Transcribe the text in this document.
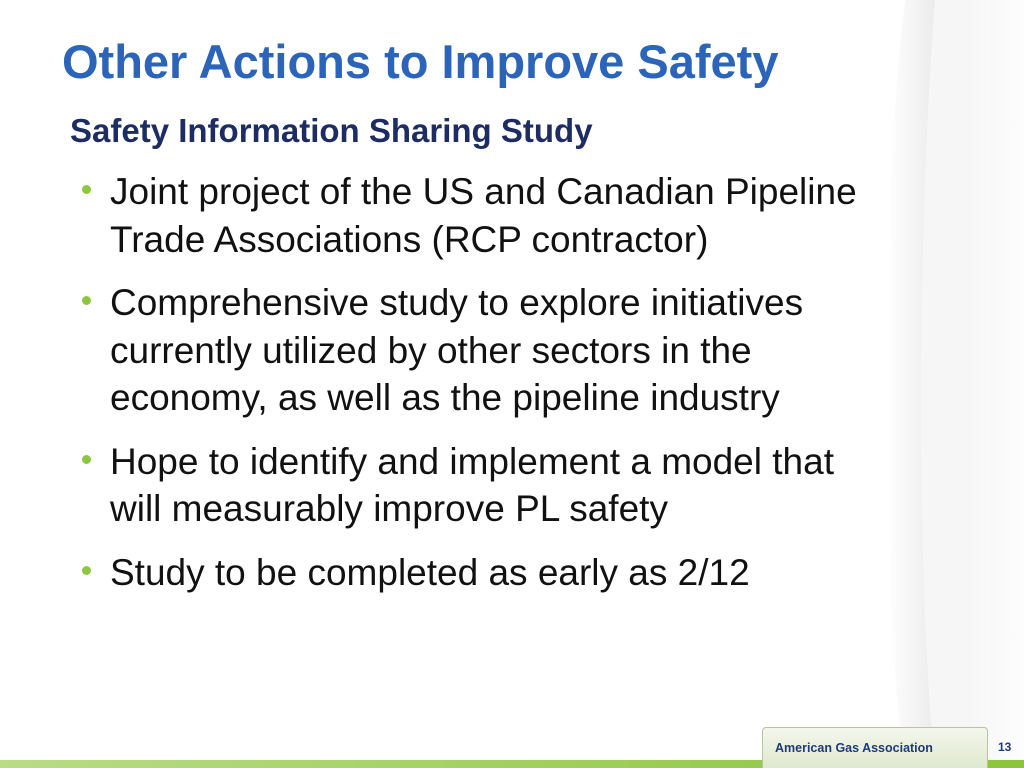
Other Actions to Improve Safety
Safety Information Sharing Study
Joint project of the US and Canadian Pipeline Trade Associations (RCP contractor)
Comprehensive study to explore initiatives currently utilized by other sectors in the economy, as well as the pipeline industry
Hope to identify and implement a model that will measurably improve PL safety
Study to be completed as early as 2/12
American Gas Association	13
